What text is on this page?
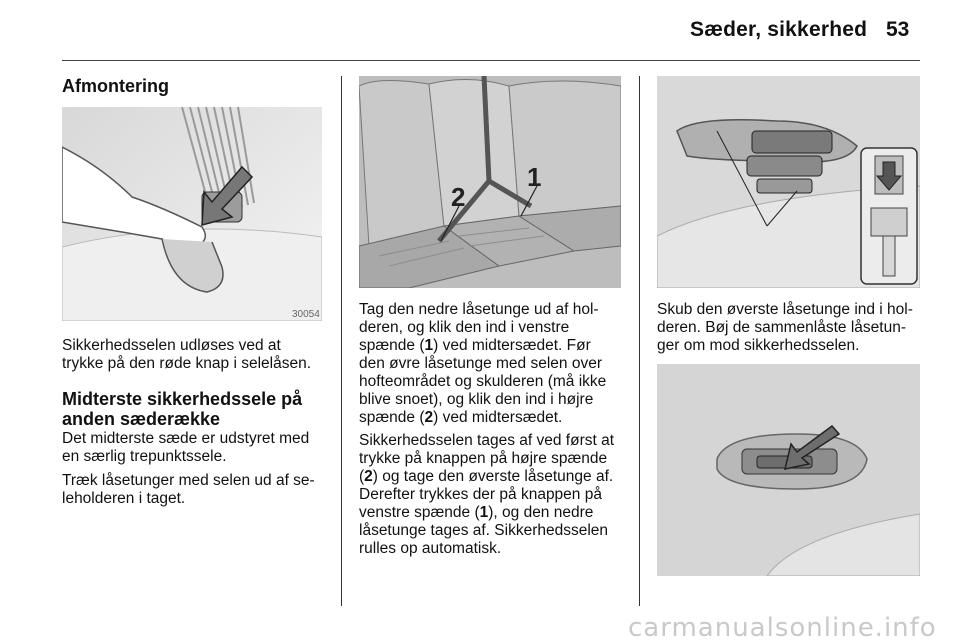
Sæder, sikkerhed 53
Afmontering
30054
Sikkerhedsselen udløses ved at
trykke på den røde knap i selelåsen.
Midterste sikkerhedssele på
anden sæderække
Det midterste sæde er udstyret med
en særlig trepunktssele.
Træk låsetunger med selen ud af se-
leholderen i taget.
1
2
Tag den nedre låsetunge ud af hol-
deren, og klik den ind i venstre
spænde (1) ved midtersædet. Før
den øvre låsetunge med selen over
hofteområdet og skulderen (må ikke
blive snoet), og klik den ind i højre
spænde (2) ved midtersædet.
Sikkerhedsselen tages af ved først at
trykke på knappen på højre spænde
(2) og tage den øverste låsetunge af.
Derefter trykkes der på knappen på
venstre spænde (1), og den nedre
låsetunge tages af. Sikkerhedsselen
rulles op automatisk.
Skub den øverste låsetunge ind i hol-
deren. Bøj de sammenlåste låsetun-
ger om mod sikkerhedsselen.
carmanualsonline.info
